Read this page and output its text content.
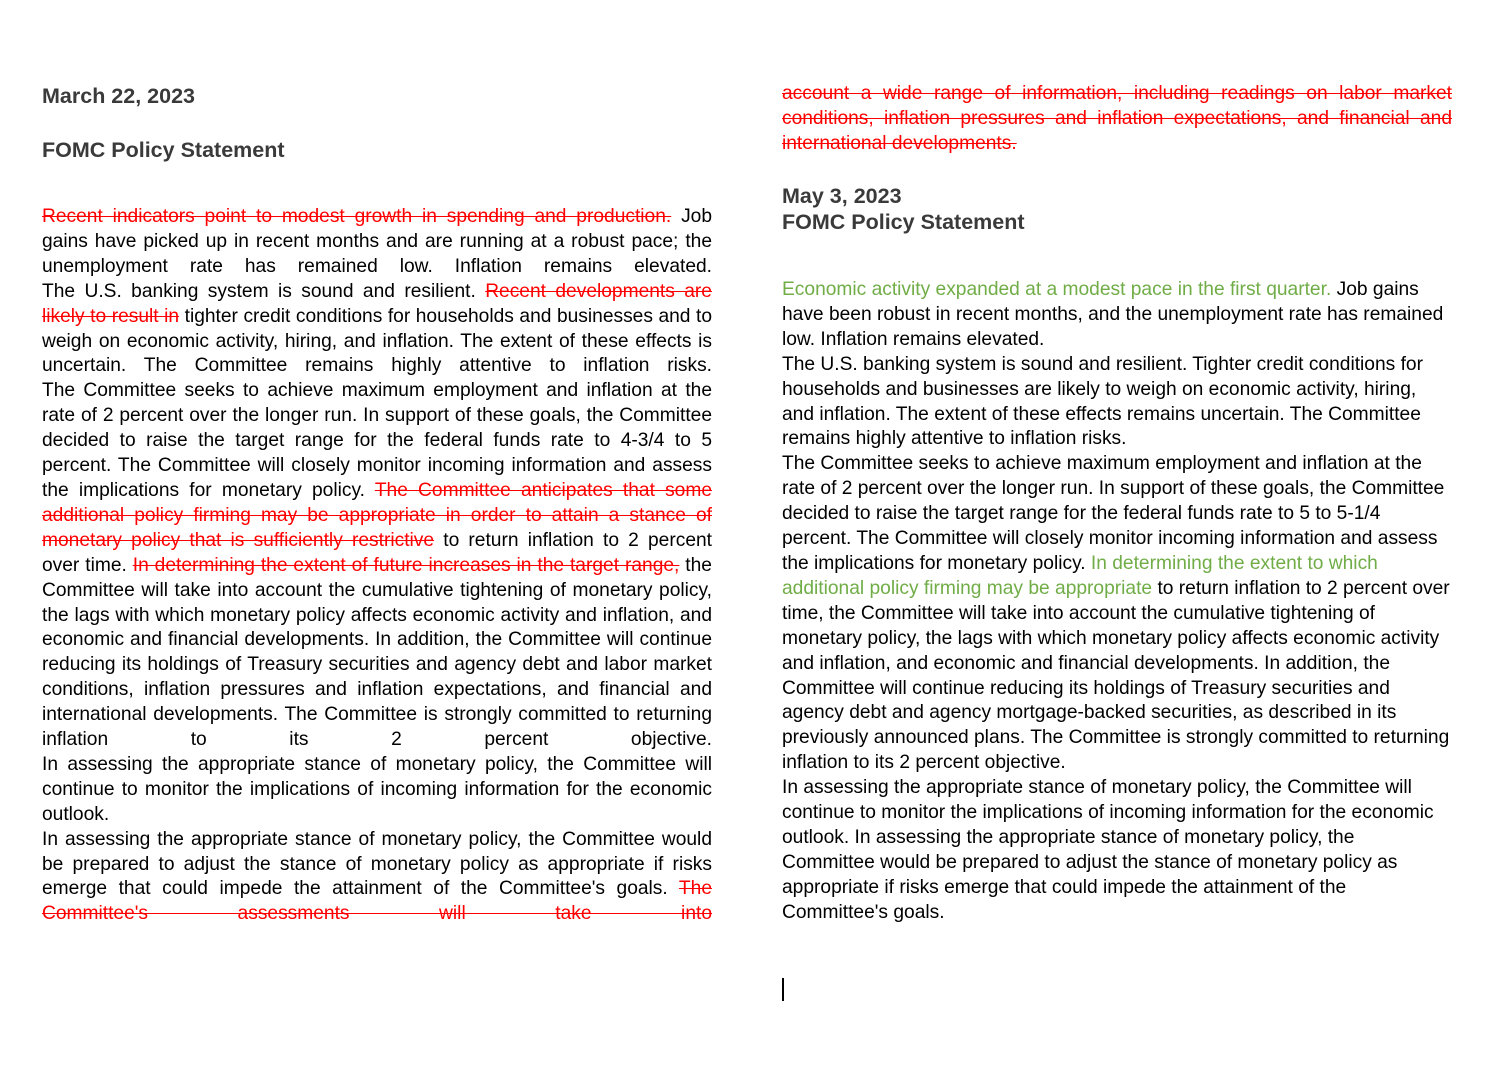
March 22, 2023
FOMC Policy Statement

Recent indicators point to modest growth in spending and production. Job gains have picked up in recent months and are running at a robust pace; the unemployment rate has remained low. Inflation remains elevated.

The U.S. banking system is sound and resilient. Recent developments are likely to result in tighter credit conditions for households and businesses and to weigh on economic activity, hiring, and inflation. The extent of these effects is uncertain. The Committee remains highly attentive to inflation risks.

The Committee seeks to achieve maximum employment and inflation at the rate of 2 percent over the longer run. In support of these goals, the Committee decided to raise the target range for the federal funds rate to 4-3/4 to 5 percent. The Committee will closely monitor incoming information and assess the implications for monetary policy. The Committee anticipates that some additional policy firming may be appropriate in order to attain a stance of monetary policy that is sufficiently restrictive to return inflation to 2 percent over time. In determining the extent of future increases in the target range, the Committee will take into account the cumulative tightening of monetary policy, the lags with which monetary policy affects economic activity and inflation, and economic and financial developments. In addition, the Committee will continue reducing its holdings of Treasury securities and agency debt and labor market conditions, inflation pressures and inflation expectations, and financial and international developments. The Committee is strongly committed to returning inflation to its 2 percent objective.

In assessing the appropriate stance of monetary policy, the Committee will continue to monitor the implications of incoming information for the economic outlook.

In assessing the appropriate stance of monetary policy, the Committee would be prepared to adjust the stance of monetary policy as appropriate if risks emerge that could impede the attainment of the Committee's goals. The Committee's assessments will take into

account a wide range of information, including readings on labor market conditions, inflation pressures and inflation expectations, and financial and international developments.

May 3, 2023
FOMC Policy Statement

Economic activity expanded at a modest pace in the first quarter. Job gains have been robust in recent months, and the unemployment rate has remained low. Inflation remains elevated.

The U.S. banking system is sound and resilient. Tighter credit conditions for households and businesses are likely to weigh on economic activity, hiring, and inflation. The extent of these effects remains uncertain. The Committee remains highly attentive to inflation risks.

The Committee seeks to achieve maximum employment and inflation at the rate of 2 percent over the longer run. In support of these goals, the Committee decided to raise the target range for the federal funds rate to 5 to 5-1/4 percent. The Committee will closely monitor incoming information and assess the implications for monetary policy. In determining the extent to which additional policy firming may be appropriate to return inflation to 2 percent over time, the Committee will take into account the cumulative tightening of monetary policy, the lags with which monetary policy affects economic activity and inflation, and economic and financial developments. In addition, the Committee will continue reducing its holdings of Treasury securities and agency debt and agency mortgage-backed securities, as described in its previously announced plans. The Committee is strongly committed to returning inflation to its 2 percent objective.

In assessing the appropriate stance of monetary policy, the Committee will continue to monitor the implications of incoming information for the economic outlook. In assessing the appropriate stance of monetary policy, the Committee would be prepared to adjust the stance of monetary policy as appropriate if risks emerge that could impede the attainment of the Committee's goals.
